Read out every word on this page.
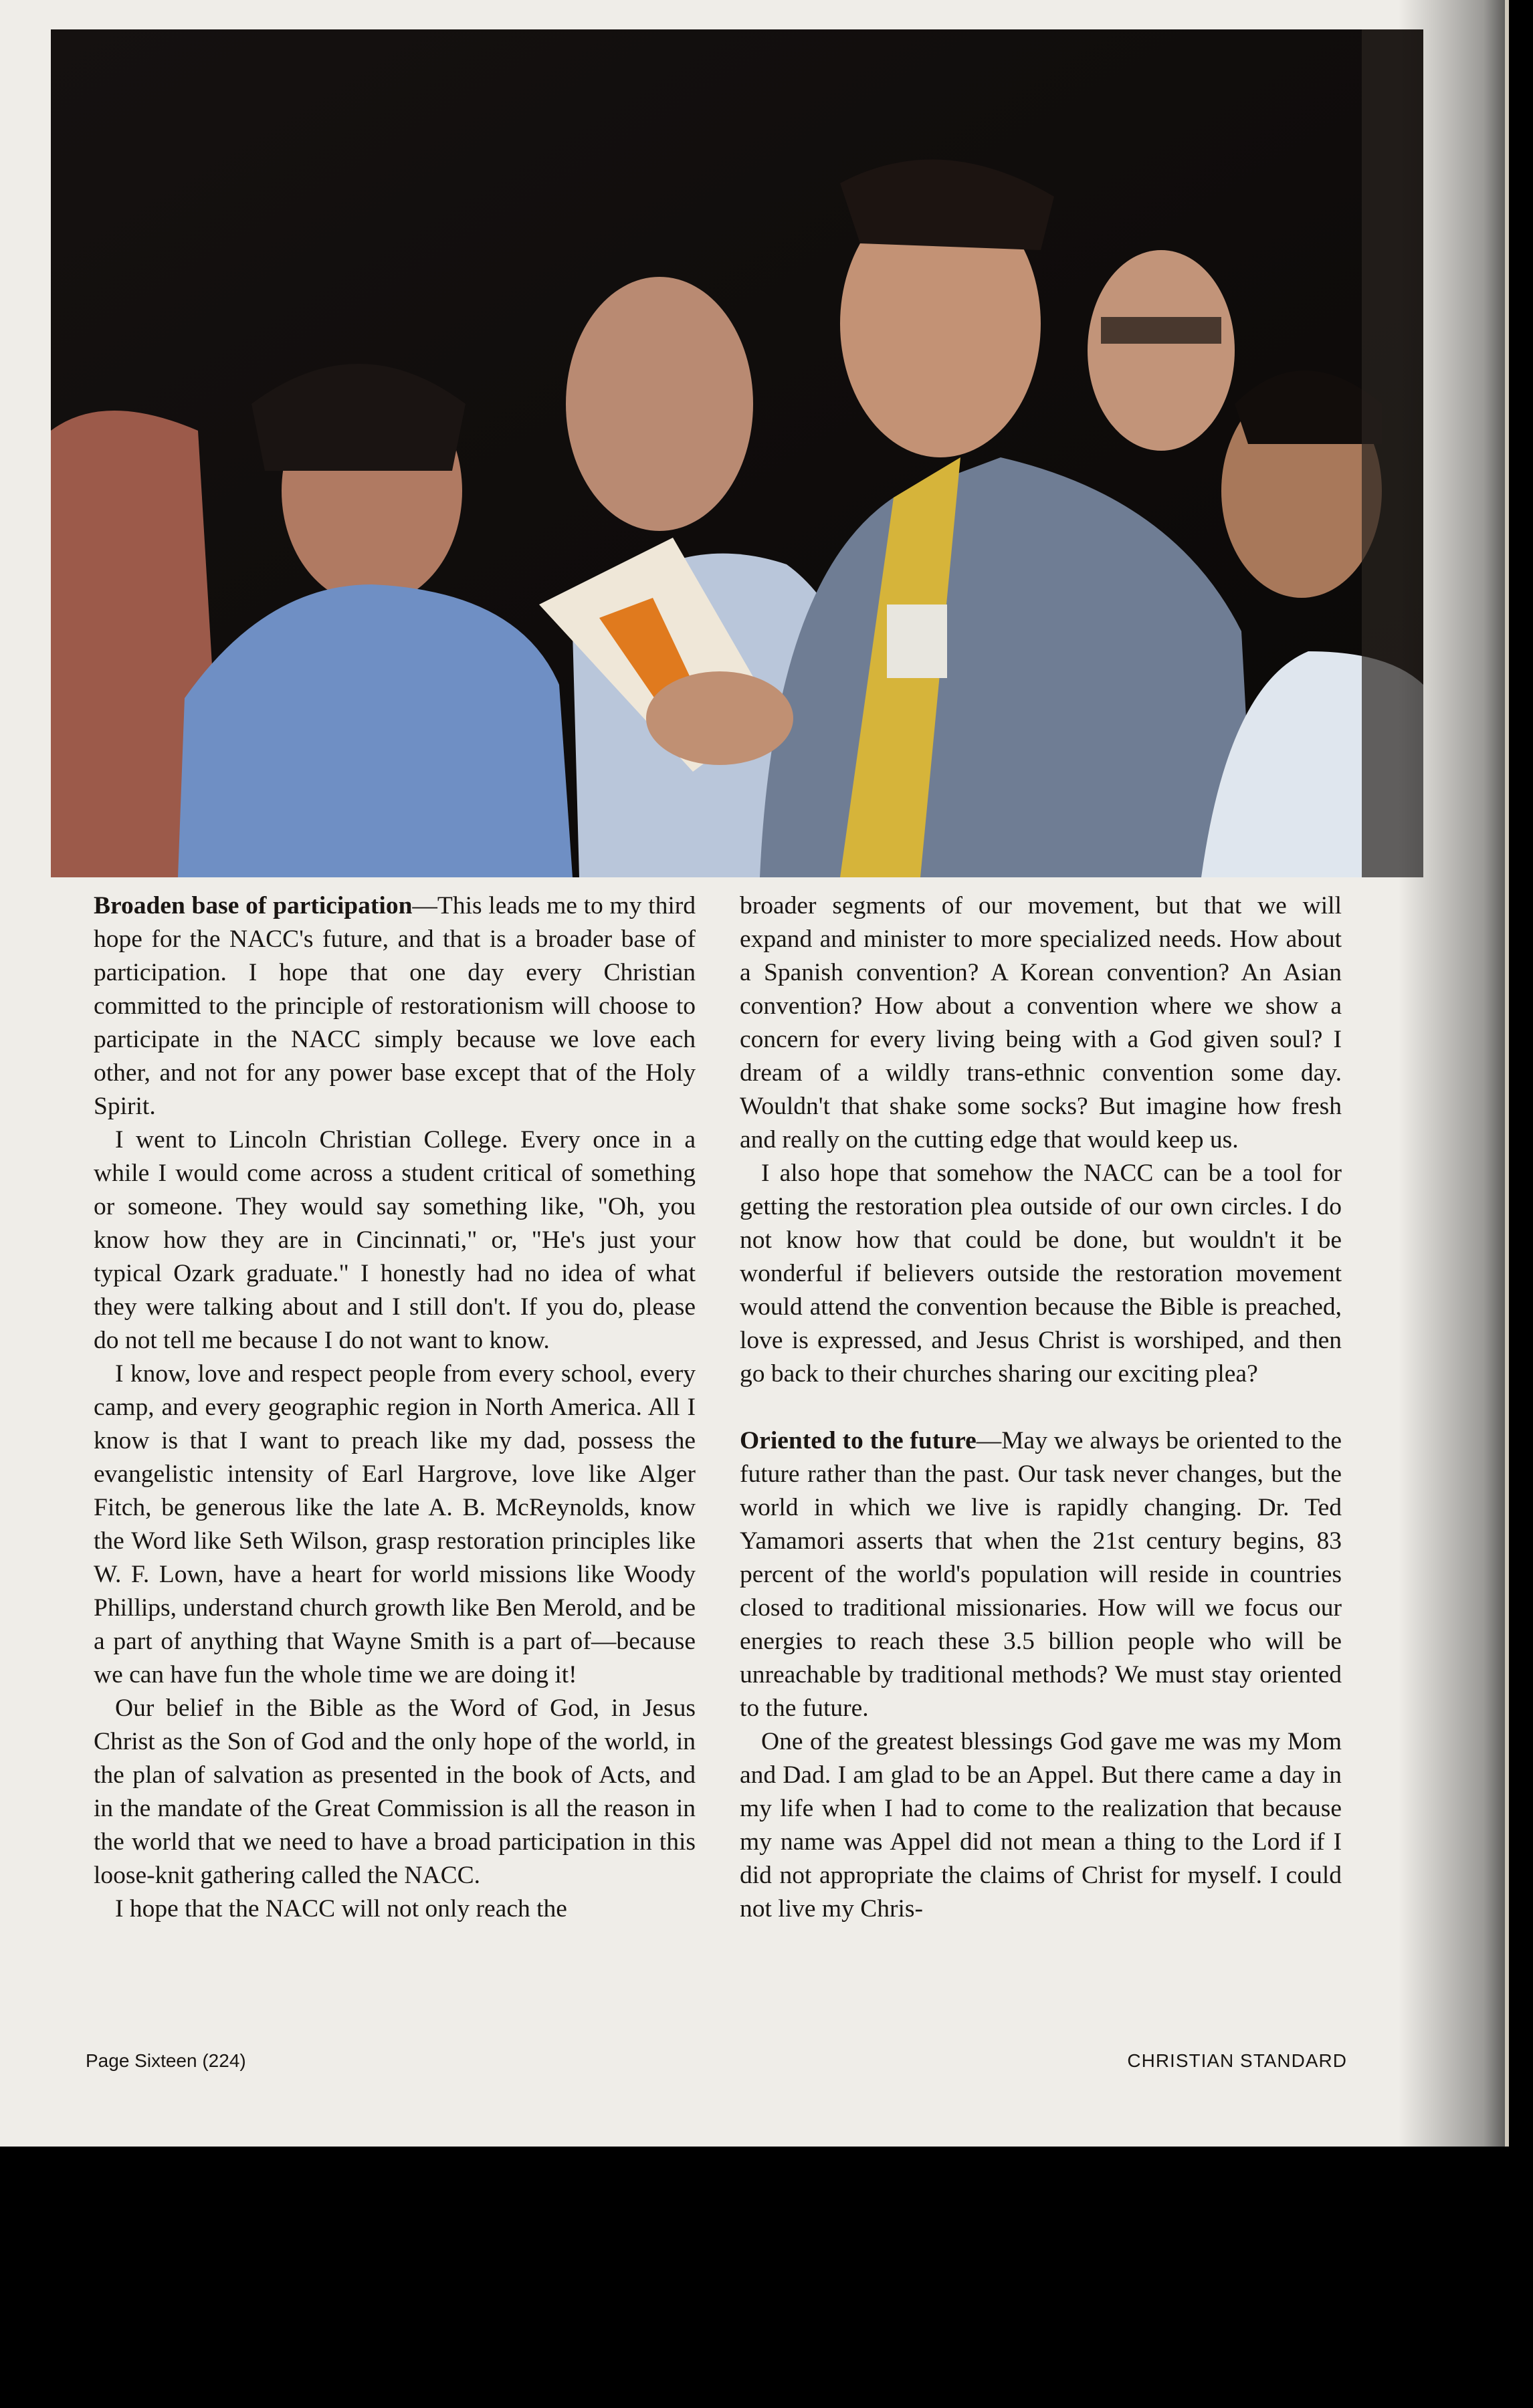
Broaden base of participation—This leads me to my third hope for the NACC's future, and that is a broader base of participation. I hope that one day every Christian committed to the principle of restorationism will choose to participate in the NACC simply because we love each other, and not for any power base except that of the Holy Spirit.

I went to Lincoln Christian College. Every once in a while I would come across a student critical of something or someone. They would say something like, "Oh, you know how they are in Cincinnati," or, "He's just your typical Ozark graduate." I honestly had no idea of what they were talking about and I still don't. If you do, please do not tell me because I do not want to know.

I know, love and respect people from every school, every camp, and every geographic region in North America. All I know is that I want to preach like my dad, possess the evangelistic intensity of Earl Hargrove, love like Alger Fitch, be generous like the late A. B. McReynolds, know the Word like Seth Wilson, grasp restoration principles like W. F. Lown, have a heart for world missions like Woody Phillips, understand church growth like Ben Merold, and be a part of anything that Wayne Smith is a part of—because we can have fun the whole time we are doing it!

Our belief in the Bible as the Word of God, in Jesus Christ as the Son of God and the only hope of the world, in the plan of salvation as presented in the book of Acts, and in the mandate of the Great Commission is all the reason in the world that we need to have a broad participation in this loose-knit gathering called the NACC.

I hope that the NACC will not only reach the

broader segments of our movement, but that we will expand and minister to more specialized needs. How about a Spanish convention? A Korean convention? An Asian convention? How about a convention where we show a concern for every living being with a God given soul? I dream of a wildly trans-ethnic convention some day. Wouldn't that shake some socks? But imagine how fresh and really on the cutting edge that would keep us.

I also hope that somehow the NACC can be a tool for getting the restoration plea outside of our own circles. I do not know how that could be done, but wouldn't it be wonderful if believers outside the restoration movement would attend the convention because the Bible is preached, love is expressed, and Jesus Christ is worshiped, and then go back to their churches sharing our exciting plea?

Oriented to the future—May we always be oriented to the future rather than the past. Our task never changes, but the world in which we live is rapidly changing. Dr. Ted Yamamori asserts that when the 21st century begins, 83 percent of the world's population will reside in countries closed to traditional missionaries. How will we focus our energies to reach these 3.5 billion people who will be unreachable by traditional methods? We must stay oriented to the future.

One of the greatest blessings God gave me was my Mom and Dad. I am glad to be an Appel. But there came a day in my life when I had to come to the realization that because my name was Appel did not mean a thing to the Lord if I did not appropriate the claims of Christ for myself. I could not live my Chris-

Page Sixteen (224)	CHRISTIAN STANDARD
